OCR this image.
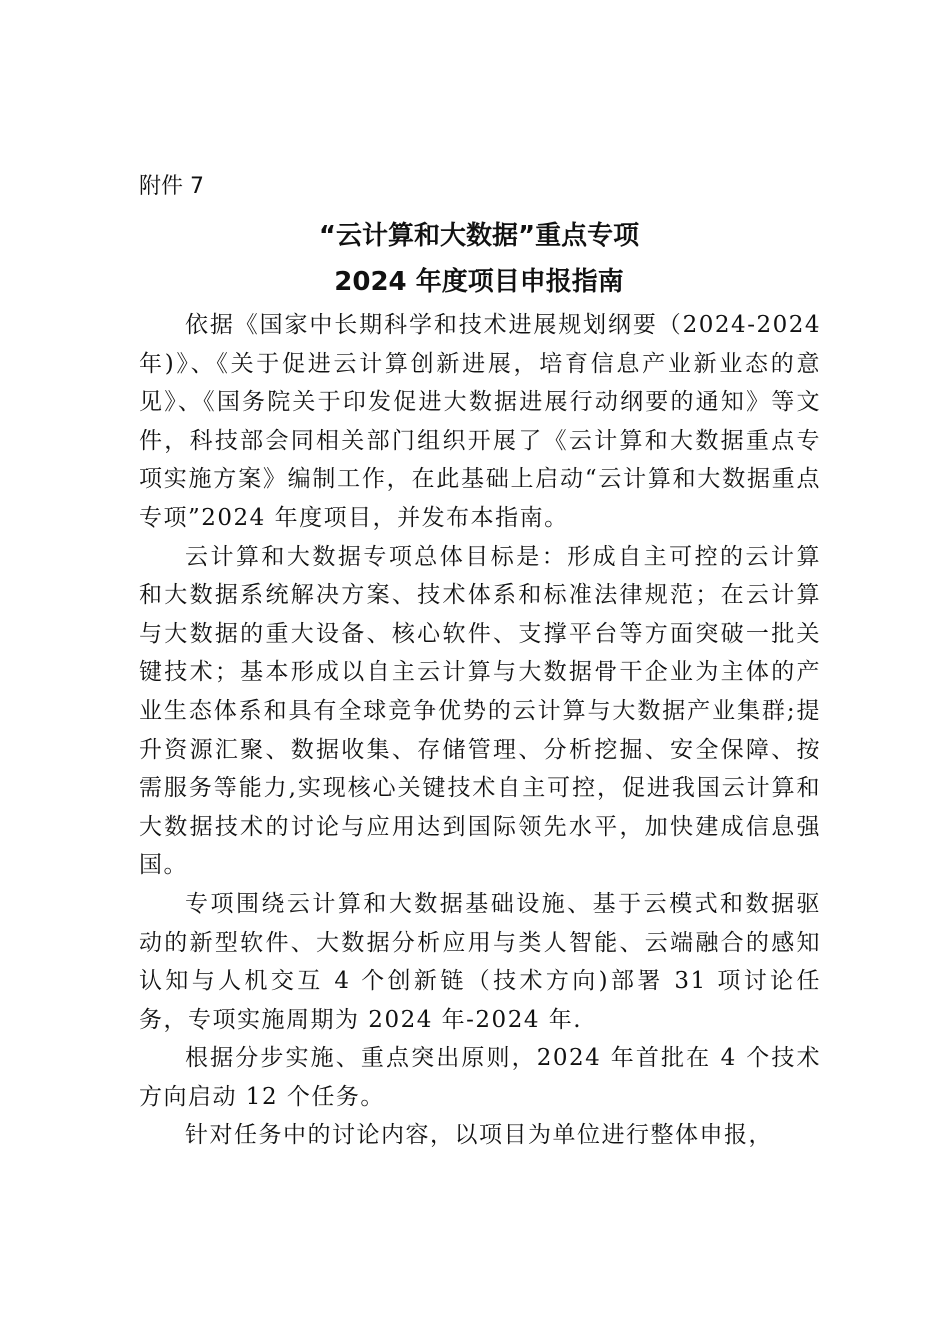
附件 7
“云计算和大数据”重点专项
2024 年度项目申报指南

依据《国家中长期科学和技术进展规划纲要（2024-2024年)》、《关于促进云计算创新进展，培育信息产业新业态的意见》、《国务院关于印发促进大数据进展行动纲要的通知》等文件，科技部会同相关部门组织开展了《云计算和大数据重点专项实施方案》编制工作，在此基础上启动“云计算和大数据重点专项”2024 年度项目，并发布本指南。

云计算和大数据专项总体目标是：形成自主可控的云计算和大数据系统解决方案、技术体系和标准法律规范；在云计算与大数据的重大设备、核心软件、支撑平台等方面突破一批关键技术；基本形成以自主云计算与大数据骨干企业为主体的产业生态体系和具有全球竞争优势的云计算与大数据产业集群;提升资源汇聚、数据收集、存储管理、分析挖掘、安全保障、按需服务等能力,实现核心关键技术自主可控，促进我国云计算和大数据技术的讨论与应用达到国际领先水平，加快建成信息强国。

专项围绕云计算和大数据基础设施、基于云模式和数据驱动的新型软件、大数据分析应用与类人智能、云端融合的感知认知与人机交互 4 个创新链（技术方向)部署 31 项讨论任务，专项实施周期为 2024 年-2024 年.

根据分步实施、重点突出原则，2024 年首批在 4 个技术方向启动 12 个任务。

针对任务中的讨论内容，以项目为单位进行整体申报，
